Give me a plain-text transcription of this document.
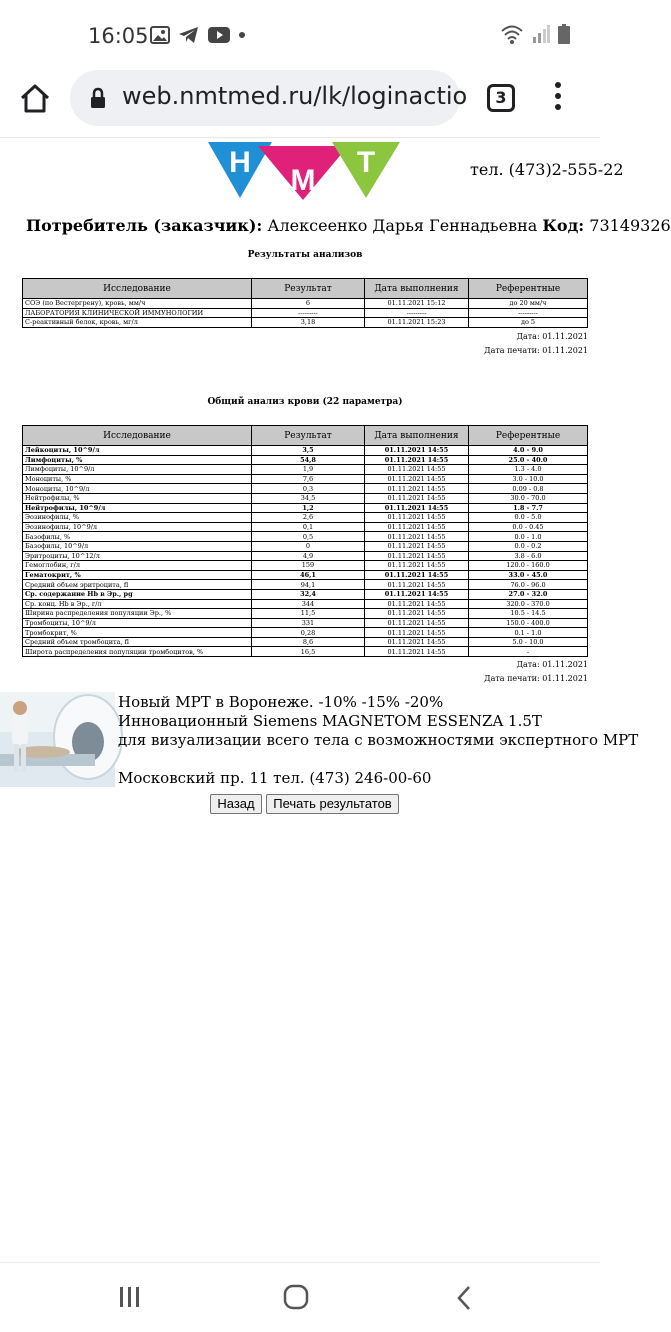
16:05
web.nmtmed.ru/lk/loginactio	3
Н
М
Т	тел. (473)2-555-22
Потребитель (заказчик): Алексеенко Дарья Геннадьевна Код: 73149326
Результаты анализов
Исследование	Результат	Дата выполнения	Референтные
СОЭ (по Вестергрену), кровь, мм/ч	6	01.11.2021 15:12	до 20 мм/ч
ЛАБОРАТОРИЯ КЛИНИЧЕСКОЙ ИММУНОЛОГИИ	---------	---------	---------
С-реактивный белок, кровь, мг/л	3,18	01.11.2021 15:23	до 5
Дата: 01.11.2021
Дата печати: 01.11.2021
Общий анализ крови (22 параметра)
Исследование	Результат	Дата выполнения	Референтные
Лейкоциты, 10^9/л	3,5	01.11.2021 14:55	4.0 - 9.0
Лимфоциты, %	54,8	01.11.2021 14:55	25.0 - 40.0
Лимфоциты, 10^9/л	1,9	01.11.2021 14:55	1.3 - 4.0
Моноциты, %	7,6	01.11.2021 14:55	3.0 - 10.0
Моноциты, 10^9/л	0,3	01.11.2021 14:55	0.09 - 0.8
Нейтрофилы, %	34,5	01.11.2021 14:55	30.0 - 70.0
Нейтрофилы, 10^9/л	1,2	01.11.2021 14:55	1.8 - 7.7
Эозинофилы, %	2,6	01.11.2021 14:55	0.0 - 5.0
Эозинофилы, 10^9/л	0,1	01.11.2021 14:55	0.0 - 0.45
Базофилы, %	0,5	01.11.2021 14:55	0.0 - 1.0
Базофилы, 10^9/л	0	01.11.2021 14:55	0.0 - 0.2
Эритроциты, 10^12/л	4,9	01.11.2021 14:55	3.8 - 6.0
Гемоглобин, г/л	159	01.11.2021 14:55	120.0 - 160.0
Гематокрит, %	46,1	01.11.2021 14:55	33.0 - 45.0
Средний объем эритроцита, fl	94,1	01.11.2021 14:55	76.0 - 96.0
Ср. содержание Hb в Эр., pg	32,4	01.11.2021 14:55	27.0 - 32.0
Ср. конц. Hb в Эр., г/л	344	01.11.2021 14:55	320.0 - 370.0
Ширина распределения популяции Эр., %	11,5	01.11.2021 14:55	10.5 - 14.5
Тромбоциты, 10^9/л	331	01.11.2021 14:55	150.0 - 400.0
Тромбокрит, %	0,28	01.11.2021 14:55	0.1 - 1.0
Средний объем тромбоцита, fl	8,6	01.11.2021 14:55	5.0 - 10.0
Широта распределения популяции тромбоцитов, %	16,5	01.11.2021 14:55	-
Дата: 01.11.2021
Дата печати: 01.11.2021
Новый МРТ в Воронеже. -10% -15% -20%
Инновационный Siemens MAGNETOM ESSENZA 1.5T
для визуализации всего тела с возможностями экспертного МРТ
Московский пр. 11 тел. (473) 246-00-60
Назад	Печать результатов
